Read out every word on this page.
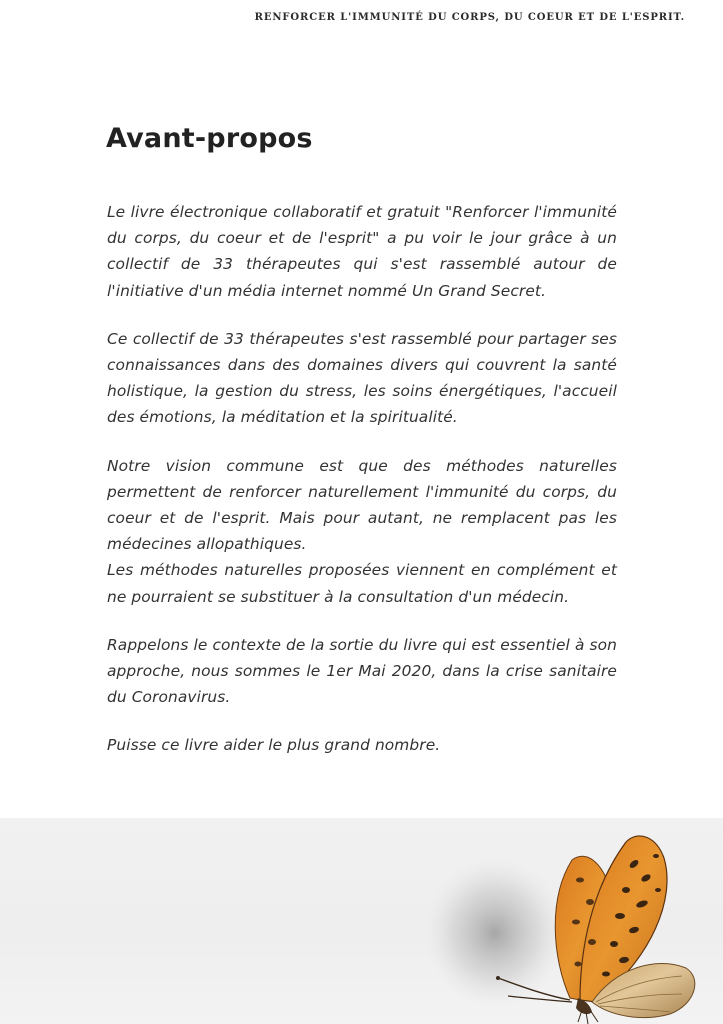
RENFORCER L'IMMUNITÉ DU CORPS, DU COEUR ET DE L'ESPRIT.
Avant-propos

Le livre électronique collaboratif et gratuit "Renforcer l'immunité du corps, du coeur et de l'esprit" a pu voir le jour grâce à un collectif de 33 thérapeutes qui s'est rassemblé autour de l'initiative d'un média internet nommé Un Grand Secret.

Ce collectif de 33 thérapeutes s'est rassemblé pour partager ses connaissances dans des domaines divers qui couvrent la santé holistique, la gestion du stress, les soins énergétiques, l'accueil des émotions, la méditation et la spiritualité.

Notre vision commune est que des méthodes naturelles permettent de renforcer naturellement l'immunité du corps, du coeur et de l'esprit. Mais pour autant, ne remplacent pas les médecines allopathiques.
Les méthodes naturelles proposées viennent en complément et ne pourraient se substituer à la consultation d'un médecin.

Rappelons le contexte de la sortie du livre qui est essentiel à son approche, nous sommes le 1er Mai 2020, dans la crise sanitaire du Coronavirus.

Puisse ce livre aider le plus grand nombre.
